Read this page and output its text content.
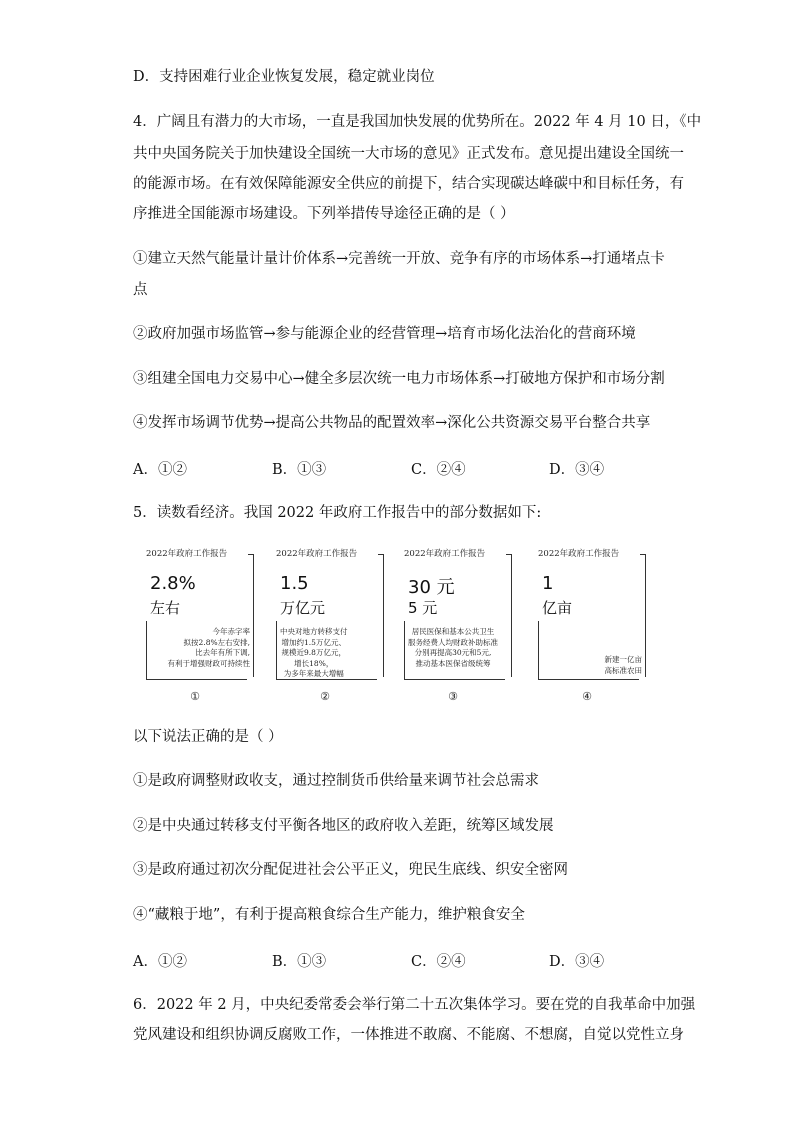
D．支持困难行业企业恢复发展，稳定就业岗位
4．广阔且有潜力的大市场，一直是我国加快发展的优势所在。2022 年 4 月 10 日，《中
共中央国务院关于加快建设全国统一大市场的意见》正式发布。意见提出建设全国统一
的能源市场。在有效保障能源安全供应的前提下，结合实现碳达峰碳中和目标任务，有
序推进全国能源市场建设。下列举措传导途径正确的是（ ）
①建立天然气能量计量计价体系→完善统一开放、竞争有序的市场体系→打通堵点卡
点
②政府加强市场监管→参与能源企业的经营管理→培育市场化法治化的营商环境
③组建全国电力交易中心→健全多层次统一电力市场体系→打破地方保护和市场分割
④发挥市场调节优势→提高公共物品的配置效率→深化公共资源交易平台整合共享
A．①②	B．①③	C．②④	D．③④
5．读数看经济。我国 2022 年政府工作报告中的部分数据如下:
2022年政府工作报告
2.8%
左右
今年赤字率
拟按2.8%左右安排,
比去年有所下调,
有利于增强财政可持续性
①
2022年政府工作报告
1.5
万亿元
中央对地方转移支付
增加约1.5万亿元、
规模近9.8万亿元，
增长18%，
为多年来最大增幅
②
2022年政府工作报告
30 元
5 元
居民医保和基本公共卫生
服务经费人均财政补助标准
分别再提高30元和5元,
推动基本医保省级统筹
③
2022年政府工作报告
1
亿亩
新建一亿亩
高标准农田
④
以下说法正确的是（ ）
①是政府调整财政收支，通过控制货币供给量来调节社会总需求
②是中央通过转移支付平衡各地区的政府收入差距，统筹区域发展
③是政府通过初次分配促进社会公平正义，兜民生底线、织安全密网
④“藏粮于地”，有利于提高粮食综合生产能力，维护粮食安全
A．①②	B．①③	C．②④	D．③④
6．2022 年 2 月，中央纪委常委会举行第二十五次集体学习。要在党的自我革命中加强
党风建设和组织协调反腐败工作，一体推进不敢腐、不能腐、不想腐，自觉以党性立身
